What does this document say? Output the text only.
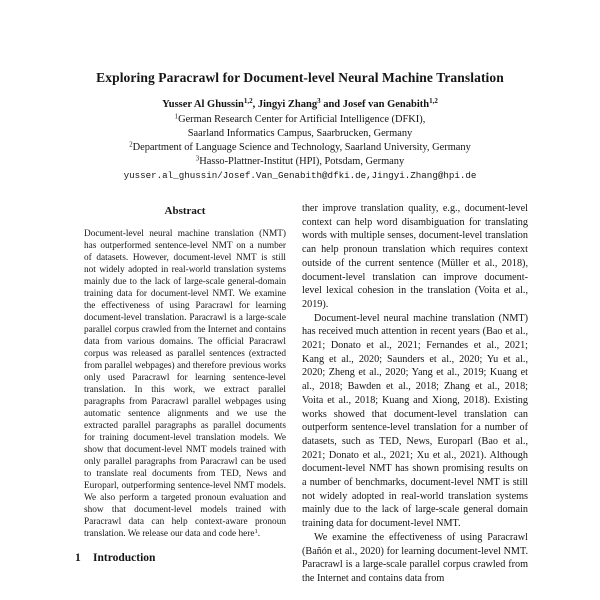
Exploring Paracrawl for Document-level Neural Machine Translation
Yusser Al Ghussin$^{1,2}$, Jingyi Zhang$^3$ and Josef van Genabith$^{1,2}$
$^1$German Research Center for Artificial Intelligence (DFKI),
Saarland Informatics Campus, Saarbrucken, Germany
$^2$Department of Language Science and Technology, Saarland University, Germany
$^3$Hasso-Plattner-Institut (HPI), Potsdam, Germany
yusser.al_ghussin/Josef.Van_Genabith@dfki.de,Jingyi.Zhang@hpi.de
Abstract

Document-level neural machine translation (NMT) has outperformed sentence-level NMT on a number of datasets. However, document-level NMT is still not widely adopted in real-world translation systems mainly due to the lack of large-scale general-domain training data for document-level NMT. We examine the effectiveness of using Paracrawl for learning document-level translation. Paracrawl is a large-scale parallel corpus crawled from the Internet and contains data from various domains. The official Paracrawl corpus was released as parallel sentences (extracted from parallel webpages) and therefore previous works only used Paracrawl for learning sentence-level translation. In this work, we extract parallel paragraphs from Paracrawl parallel webpages using automatic sentence alignments and we use the extracted parallel paragraphs as parallel documents for training document-level translation models. We show that document-level NMT models trained with only parallel paragraphs from Paracrawl can be used to translate real documents from TED, News and Europarl, outperforming sentence-level NMT models. We also perform a targeted pronoun evaluation and show that document-level models trained with Paracrawl data can help context-aware pronoun translation. We release our data and code here$^1$.

1	Introduction

ther improve translation quality, e.g., document-level context can help word disambiguation for translating words with multiple senses, document-level translation can help pronoun translation which requires context outside of the current sentence (Müller et al., 2018), document-level translation can improve document-level lexical cohesion in the translation (Voita et al., 2019).

Document-level neural machine translation (NMT) has received much attention in recent years (Bao et al., 2021; Donato et al., 2021; Fernandes et al., 2021; Kang et al., 2020; Saunders et al., 2020; Yu et al., 2020; Zheng et al., 2020; Yang et al., 2019; Kuang et al., 2018; Bawden et al., 2018; Zhang et al., 2018; Voita et al., 2018; Kuang and Xiong, 2018). Existing works showed that document-level translation can outperform sentence-level translation for a number of datasets, such as TED, News, Europarl (Bao et al., 2021; Donato et al., 2021; Xu et al., 2021). Although document-level NMT has shown promising results on a number of benchmarks, document-level NMT is still not widely adopted in real-world translation systems mainly due to the lack of large-scale general domain training data for document-level NMT.

We examine the effectiveness of using Paracrawl (Bañón et al., 2020) for learning document-level NMT. Paracrawl is a large-scale parallel corpus crawled from the Internet and contains data from
